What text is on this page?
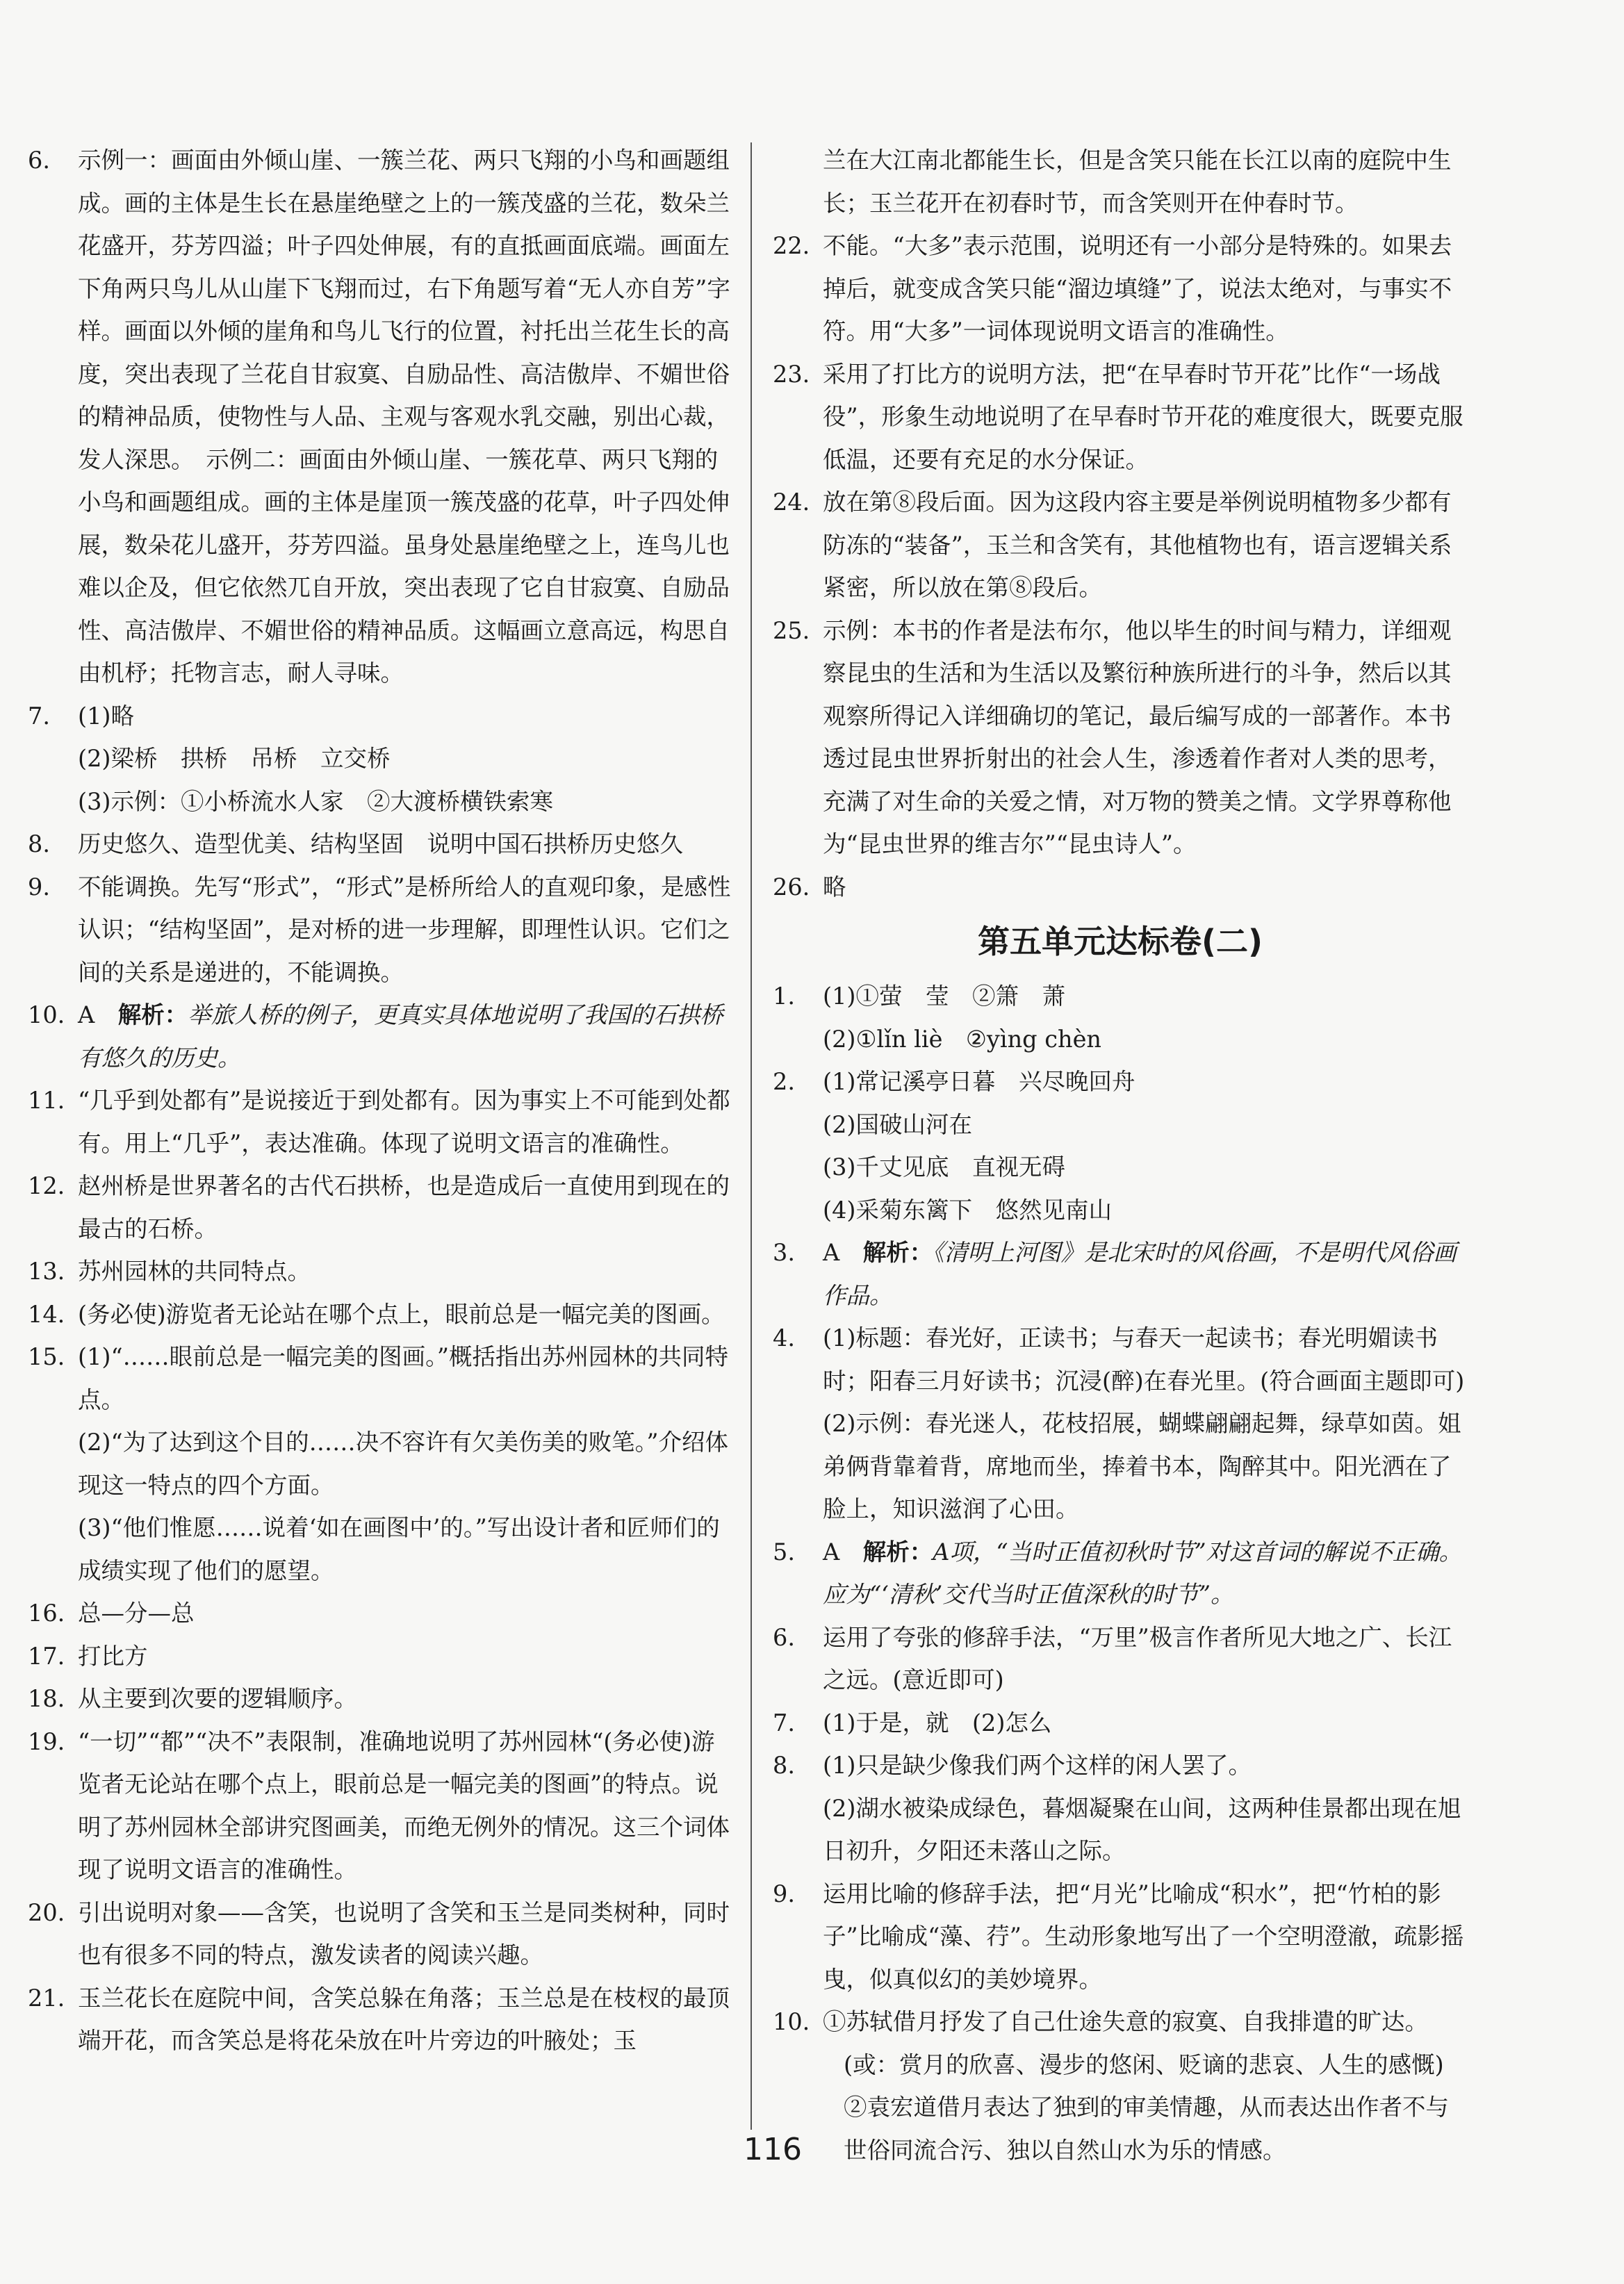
6. 示例一：画面由外倾山崖、一簇兰花、两只飞翔的小鸟和画题组成。画的主体是生长在悬崖绝壁之上的一簇茂盛的兰花，数朵兰花盛开，芬芳四溢；叶子四处伸展，有的直抵画面底端。画面左下角两只鸟儿从山崖下飞翔而过，右下角题写着“无人亦自芳”字样。画面以外倾的崖角和鸟儿飞行的位置，衬托出兰花生长的高度，突出表现了兰花自甘寂寞、自励品性、高洁傲岸、不媚世俗的精神品质，使物性与人品、主观与客观水乳交融，别出心裁，发人深思。　示例二：画面由外倾山崖、一簇花草、两只飞翔的小鸟和画题组成。画的主体是崖顶一簇茂盛的花草，叶子四处伸展，数朵花儿盛开，芬芳四溢。虽身处悬崖绝壁之上，连鸟儿也难以企及，但它依然兀自开放，突出表现了它自甘寂寞、自励品性、高洁傲岸、不媚世俗的精神品质。这幅画立意高远，构思自由机杼；托物言志，耐人寻味。
7. (1)略
(2)梁桥　拱桥　吊桥　立交桥
(3)示例：①小桥流水人家　②大渡桥横铁索寒
8. 历史悠久、造型优美、结构坚固　说明中国石拱桥历史悠久
9. 不能调换。先写“形式”，“形式”是桥所给人的直观印象，是感性认识；“结构坚固”，是对桥的进一步理解，即理性认识。它们之间的关系是递进的，不能调换。
10. A　 解析：举旅人桥的例子，更真实具体地说明了我国的石拱桥有悠久的历史。
11. “几乎到处都有”是说接近于到处都有。因为事实上不可能到处都有。用上“几乎”，表达准确。体现了说明文语言的准确性。
12. 赵州桥是世界著名的古代石拱桥，也是造成后一直使用到现在的最古的石桥。
13. 苏州园林的共同特点。
14. (务必使)游览者无论站在哪个点上，眼前总是一幅完美的图画。
15. (1)“……眼前总是一幅完美的图画。”概括指出苏州园林的共同特点。
(2)“为了达到这个目的……决不容许有欠美伤美的败笔。”介绍体现这一特点的四个方面。
(3)“他们惟愿……说着‘如在画图中’的。”写出设计者和匠师们的成绩实现了他们的愿望。
16. 总—分—总
17. 打比方
18. 从主要到次要的逻辑顺序。
19. “一切”“都”“决不”表限制，准确地说明了苏州园林“(务必使)游览者无论站在哪个点上，眼前总是一幅完美的图画”的特点。说明了苏州园林全部讲究图画美，而绝无例外的情况。这三个词体现了说明文语言的准确性。
20. 引出说明对象——含笑，也说明了含笑和玉兰是同类树种，同时也有很多不同的特点，激发读者的阅读兴趣。
21. 玉兰花长在庭院中间，含笑总躲在角落；玉兰总是在枝杈的最顶端开花，而含笑总是将花朵放在叶片旁边的叶腋处；玉
兰在大江南北都能生长，但是含笑只能在长江以南的庭院中生长；玉兰花开在初春时节，而含笑则开在仲春时节。
22. 不能。“大多”表示范围，说明还有一小部分是特殊的。如果去掉后，就变成含笑只能“溜边填缝”了，说法太绝对，与事实不符。用“大多”一词体现说明文语言的准确性。
23. 采用了打比方的说明方法，把“在早春时节开花”比作“一场战役”，形象生动地说明了在早春时节开花的难度很大，既要克服低温，还要有充足的水分保证。
24. 放在第⑧段后面。因为这段内容主要是举例说明植物多少都有防冻的“装备”，玉兰和含笑有，其他植物也有，语言逻辑关系紧密，所以放在第⑧段后。
25. 示例：本书的作者是法布尔，他以毕生的时间与精力，详细观察昆虫的生活和为生活以及繁衍种族所进行的斗争，然后以其观察所得记入详细确切的笔记，最后编写成的一部著作。本书透过昆虫世界折射出的社会人生，渗透着作者对人类的思考，充满了对生命的关爱之情，对万物的赞美之情。文学界尊称他为“昆虫世界的维吉尔”“昆虫诗人”。
26. 略
第五单元达标卷(二)
1. (1)①萤　莹　②箫　萧
(2)①lǐn liè　②yìng chèn
2. (1)常记溪亭日暮　兴尽晚回舟
(2)国破山河在
(3)千丈见底　直视无碍
(4)采菊东篱下　悠然见南山
3. A　 解析：《清明上河图》是北宋时的风俗画，不是明代风俗画作品。
4. (1)标题：春光好，正读书；与春天一起读书；春光明媚读书时；阳春三月好读书；沉浸(醉)在春光里。(符合画面主题即可)
(2)示例：春光迷人，花枝招展，蝴蝶翩翩起舞，绿草如茵。姐弟俩背靠着背，席地而坐，捧着书本，陶醉其中。阳光洒在了脸上，知识滋润了心田。
5. A　 解析：A项，“当时正值初秋时节”对这首词的解说不正确。应为“‘清秋’交代当时正值深秋的时节”。
6. 运用了夸张的修辞手法，“万里”极言作者所见大地之广、长江之远。(意近即可)
7. (1)于是，就　(2)怎么
8. (1)只是缺少像我们两个这样的闲人罢了。
(2)湖水被染成绿色，暮烟凝聚在山间，这两种佳景都出现在旭日初升，夕阳还未落山之际。
9. 运用比喻的修辞手法，把“月光”比喻成“积水”，把“竹柏的影子”比喻成“藻、荇”。生动形象地写出了一个空明澄澈，疏影摇曳，似真似幻的美妙境界。
10. ①苏轼借月抒发了自己仕途失意的寂寞、自我排遣的旷达。
(或：赏月的欣喜、漫步的悠闲、贬谪的悲哀、人生的感慨)
②袁宏道借月表达了独到的审美情趣，从而表达出作者不与世俗同流合污、独以自然山水为乐的情感。
116
